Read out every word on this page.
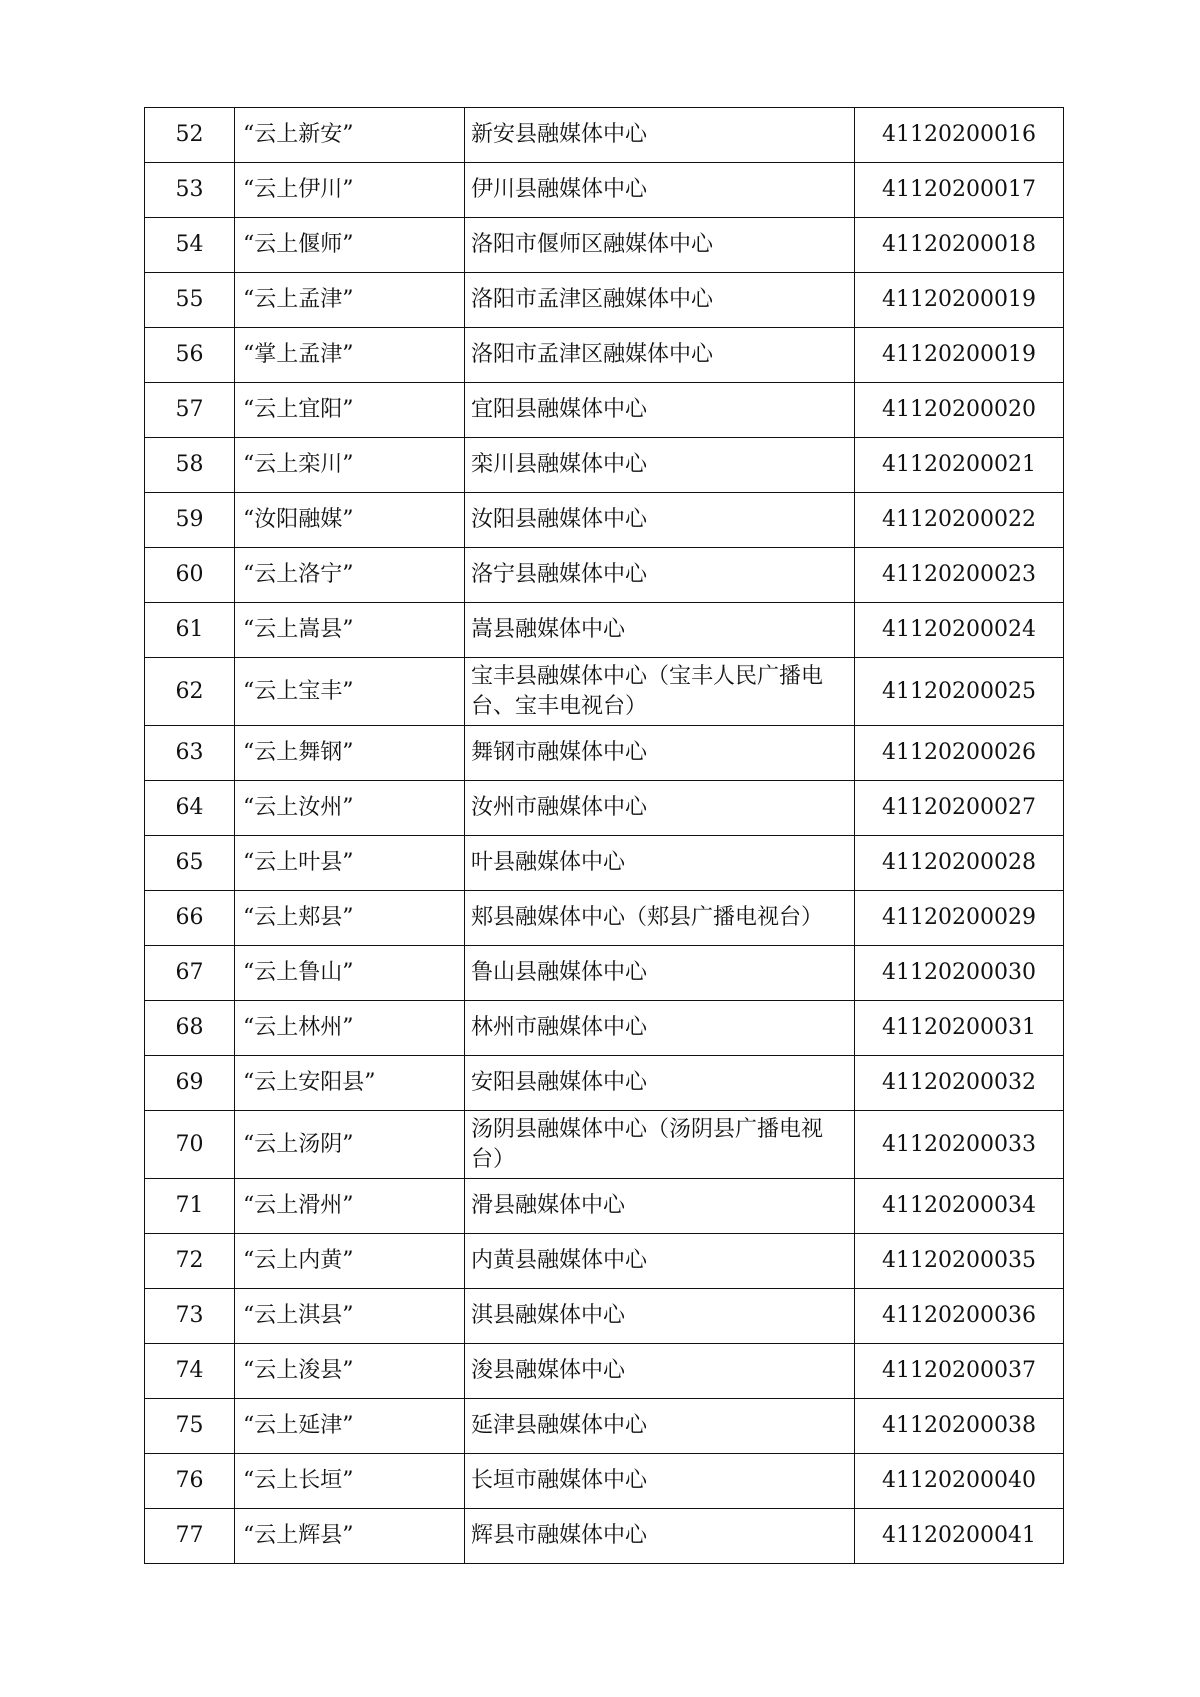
52	“云上新安”	新安县融媒体中心	41120200016
53	“云上伊川”	伊川县融媒体中心	41120200017
54	“云上偃师”	洛阳市偃师区融媒体中心	41120200018
55	“云上孟津”	洛阳市孟津区融媒体中心	41120200019
56	“掌上孟津”	洛阳市孟津区融媒体中心	41120200019
57	“云上宜阳”	宜阳县融媒体中心	41120200020
58	“云上栾川”	栾川县融媒体中心	41120200021
59	“汝阳融媒”	汝阳县融媒体中心	41120200022
60	“云上洛宁”	洛宁县融媒体中心	41120200023
61	“云上嵩县”	嵩县融媒体中心	41120200024
62	“云上宝丰”	宝丰县融媒体中心（宝丰人民广播电台、宝丰电视台）	41120200025
63	“云上舞钢”	舞钢市融媒体中心	41120200026
64	“云上汝州”	汝州市融媒体中心	41120200027
65	“云上叶县”	叶县融媒体中心	41120200028
66	“云上郏县”	郏县融媒体中心（郏县广播电视台）	41120200029
67	“云上鲁山”	鲁山县融媒体中心	41120200030
68	“云上林州”	林州市融媒体中心	41120200031
69	“云上安阳县”	安阳县融媒体中心	41120200032
70	“云上汤阴”	汤阴县融媒体中心（汤阴县广播电视台）	41120200033
71	“云上滑州”	滑县融媒体中心	41120200034
72	“云上内黄”	内黄县融媒体中心	41120200035
73	“云上淇县”	淇县融媒体中心	41120200036
74	“云上浚县”	浚县融媒体中心	41120200037
75	“云上延津”	延津县融媒体中心	41120200038
76	“云上长垣”	长垣市融媒体中心	41120200040
77	“云上辉县”	辉县市融媒体中心	41120200041
